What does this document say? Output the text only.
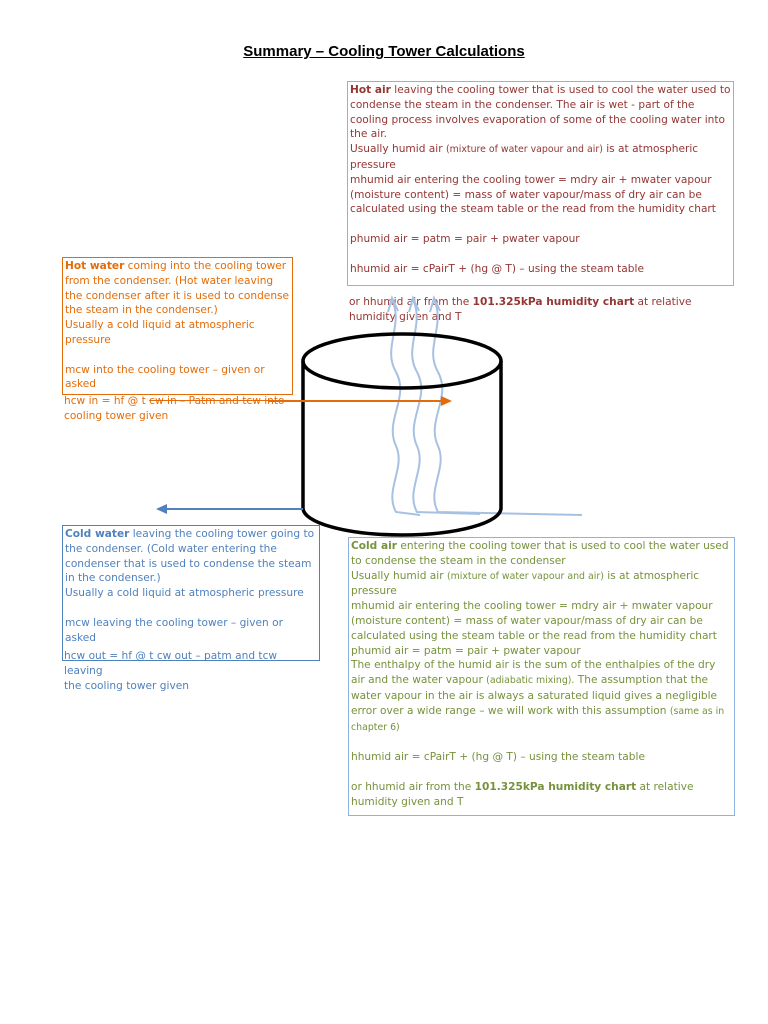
Summary – Cooling Tower Calculations

Hot air leaving the cooling tower that is used to cool the water used to condense the steam in the condenser. The air is wet - part of the cooling process involves evaporation of some of the cooling water into the air.

Usually humid air (mixture of water vapour and air) is at atmospheric pressure

mhumid air entering the cooling tower = mdry air + mwater vapour

(moisture content) = mass of water vapour/mass of dry air can be calculated using the steam table or the read from the humidity chart

phumid air = patm = pair + pwater vapour

hhumid air = cPairT + (hg @ T) – using the steam table

or hhumid air from the 101.325kPa humidity chart at relative humidity given and T

Hot water coming into the cooling tower from the condenser. (Hot water leaving the condenser after it is used to condense the steam in the condenser.)

Usually a cold liquid at atmospheric pressure

mcw into the cooling tower – given or asked

hcw in = hf @ t cw in – Patm and tcw into

cooling tower given

Cold water leaving the cooling tower going to the condenser. (Cold water entering the condenser that is used to condense the steam in the condenser.)

Usually a cold liquid at atmospheric pressure

mcw leaving the cooling tower – given or asked

hcw out = hf @ t cw out – patm and tcw leaving

the cooling tower given

Cold air entering the cooling tower that is used to cool the water used to condense the steam in the condenser

Usually humid air (mixture of water vapour and air) is at atmospheric pressure

mhumid air entering the cooling tower = mdry air + mwater vapour

(moisture content) = mass of water vapour/mass of dry air can be calculated using the steam table or the read from the humidity chart

phumid air = patm = pair + pwater vapour

The enthalpy of the humid air is the sum of the enthalpies of the dry air and the water vapour (adiabatic mixing). The assumption that the water vapour in the air is always a saturated liquid gives a negligible error over a wide range – we will work with this assumption (same as in chapter 6)

hhumid air = cPairT + (hg @ T) – using the steam table

or hhumid air from the 101.325kPa humidity chart at relative humidity given and T
